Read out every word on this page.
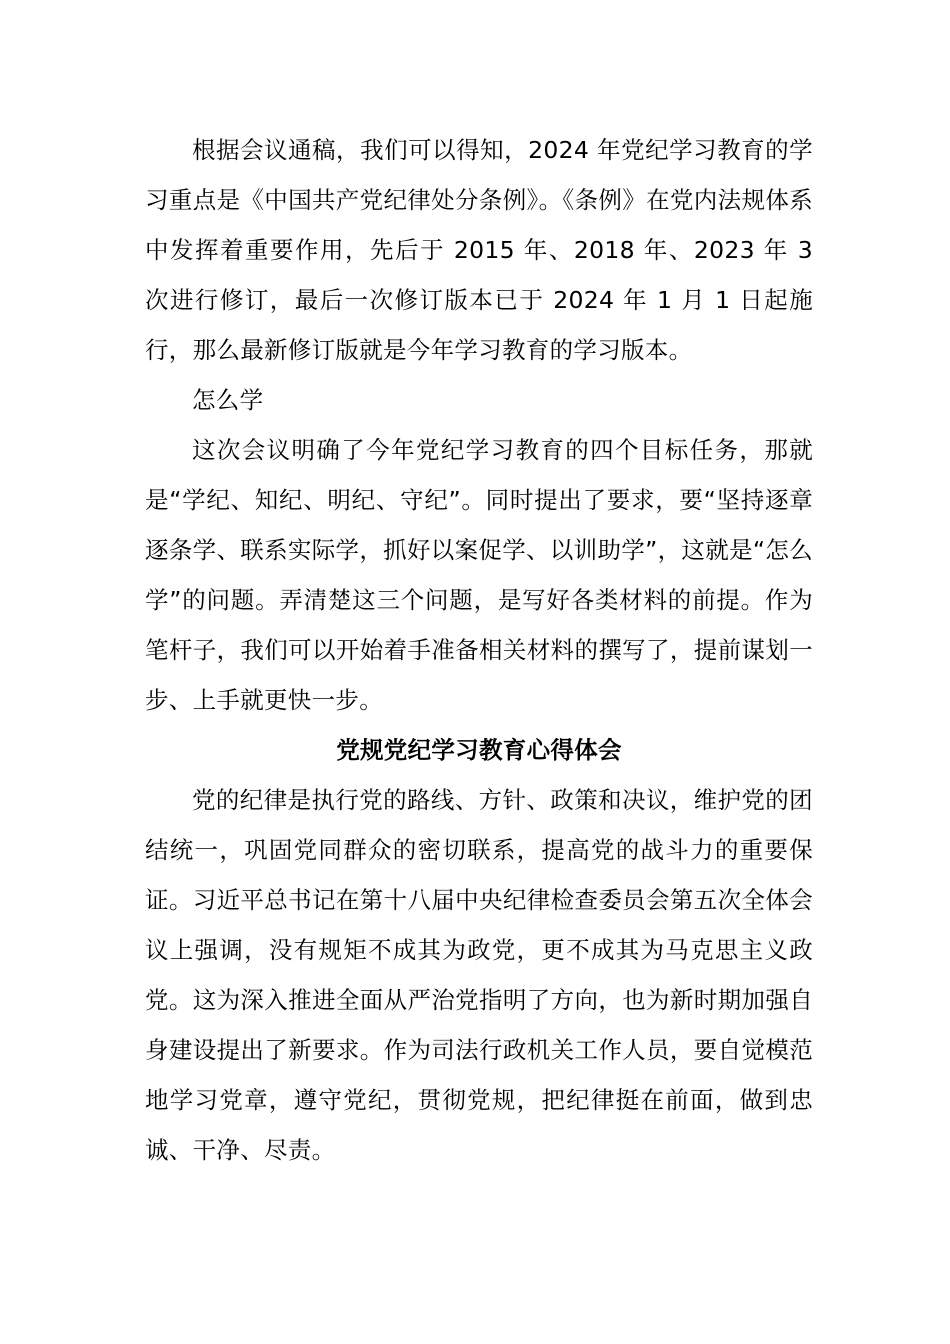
根据会议通稿，我们可以得知，2024 年党纪学习教育的学习重点是《中国共产党纪律处分条例》。《条例》在党内法规体系中发挥着重要作用，先后于 2015 年、2018 年、2023 年 3 次进行修订，最后一次修订版本已于 2024 年 1 月 1 日起施行，那么最新修订版就是今年学习教育的学习版本。

怎么学

这次会议明确了今年党纪学习教育的四个目标任务，那就是“学纪、知纪、明纪、守纪”。同时提出了要求，要“坚持逐章逐条学、联系实际学，抓好以案促学、以训助学”，这就是“怎么学”的问题。弄清楚这三个问题，是写好各类材料的前提。作为笔杆子，我们可以开始着手准备相关材料的撰写了，提前谋划一步、上手就更快一步。

党规党纪学习教育心得体会

党的纪律是执行党的路线、方针、政策和决议，维护党的团结统一，巩固党同群众的密切联系，提高党的战斗力的重要保证。习近平总书记在第十八届中央纪律检查委员会第五次全体会议上强调，没有规矩不成其为政党，更不成其为马克思主义政党。这为深入推进全面从严治党指明了方向，也为新时期加强自身建设提出了新要求。作为司法行政机关工作人员，要自觉模范地学习党章，遵守党纪，贯彻党规，把纪律挺在前面，做到忠诚、干净、尽责。
